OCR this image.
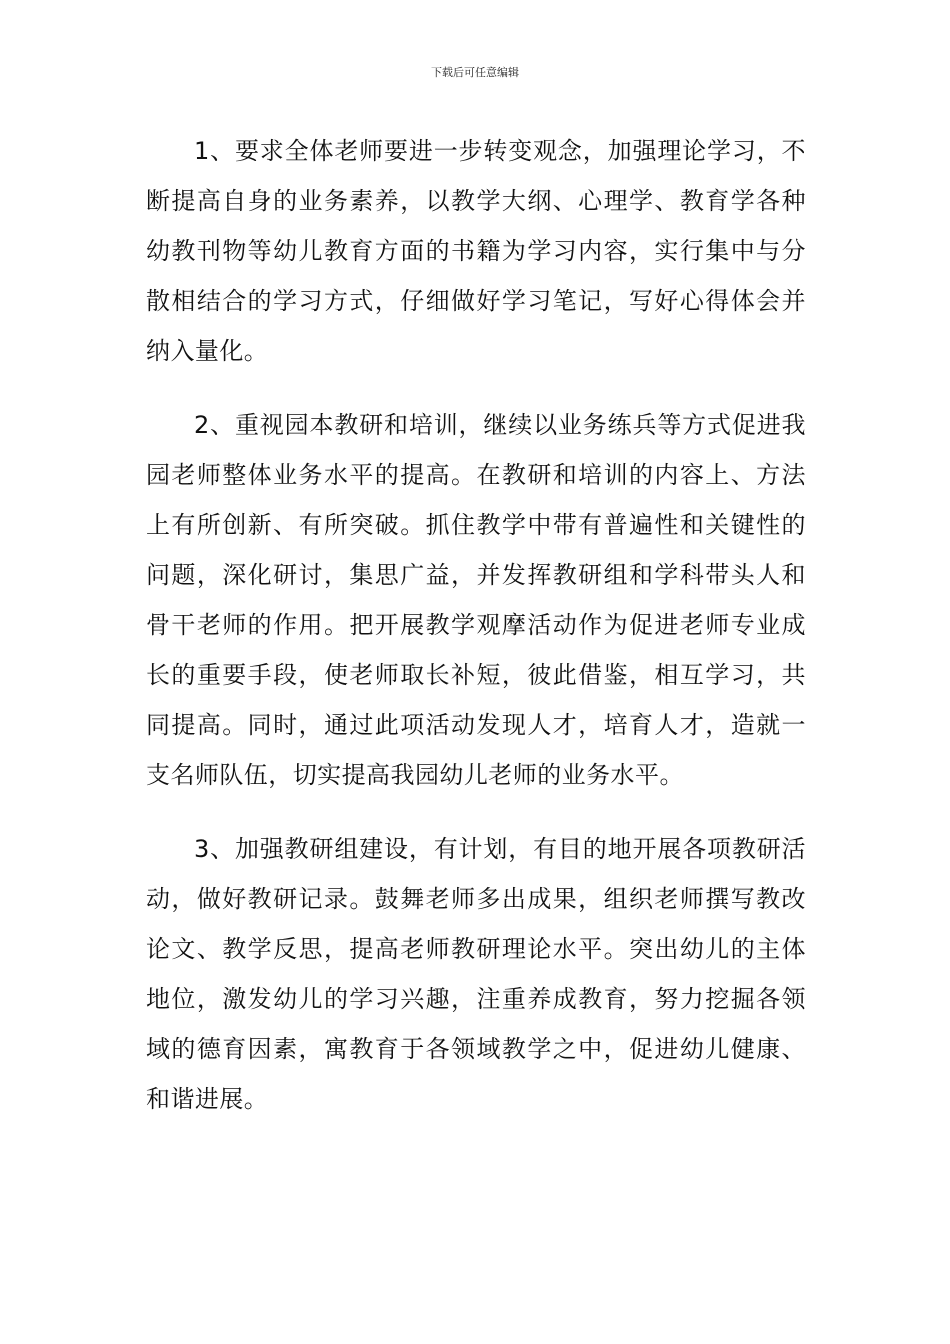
下载后可任意编辑

1、要求全体老师要进一步转变观念，加强理论学习，不断提高自身的业务素养，以教学大纲、心理学、教育学各种幼教刊物等幼儿教育方面的书籍为学习内容，实行集中与分散相结合的学习方式，仔细做好学习笔记，写好心得体会并纳入量化。

2、重视园本教研和培训，继续以业务练兵等方式促进我园老师整体业务水平的提高。在教研和培训的内容上、方法上有所创新、有所突破。抓住教学中带有普遍性和关键性的问题，深化研讨，集思广益，并发挥教研组和学科带头人和骨干老师的作用。把开展教学观摩活动作为促进老师专业成长的重要手段，使老师取长补短，彼此借鉴，相互学习，共同提高。同时，通过此项活动发现人才，培育人才，造就一支名师队伍，切实提高我园幼儿老师的业务水平。

3、加强教研组建设，有计划，有目的地开展各项教研活动，做好教研记录。鼓舞老师多出成果，组织老师撰写教改论文、教学反思，提高老师教研理论水平。突出幼儿的主体地位，激发幼儿的学习兴趣，注重养成教育，努力挖掘各领域的德育因素，寓教育于各领域教学之中，促进幼儿健康、和谐进展。
